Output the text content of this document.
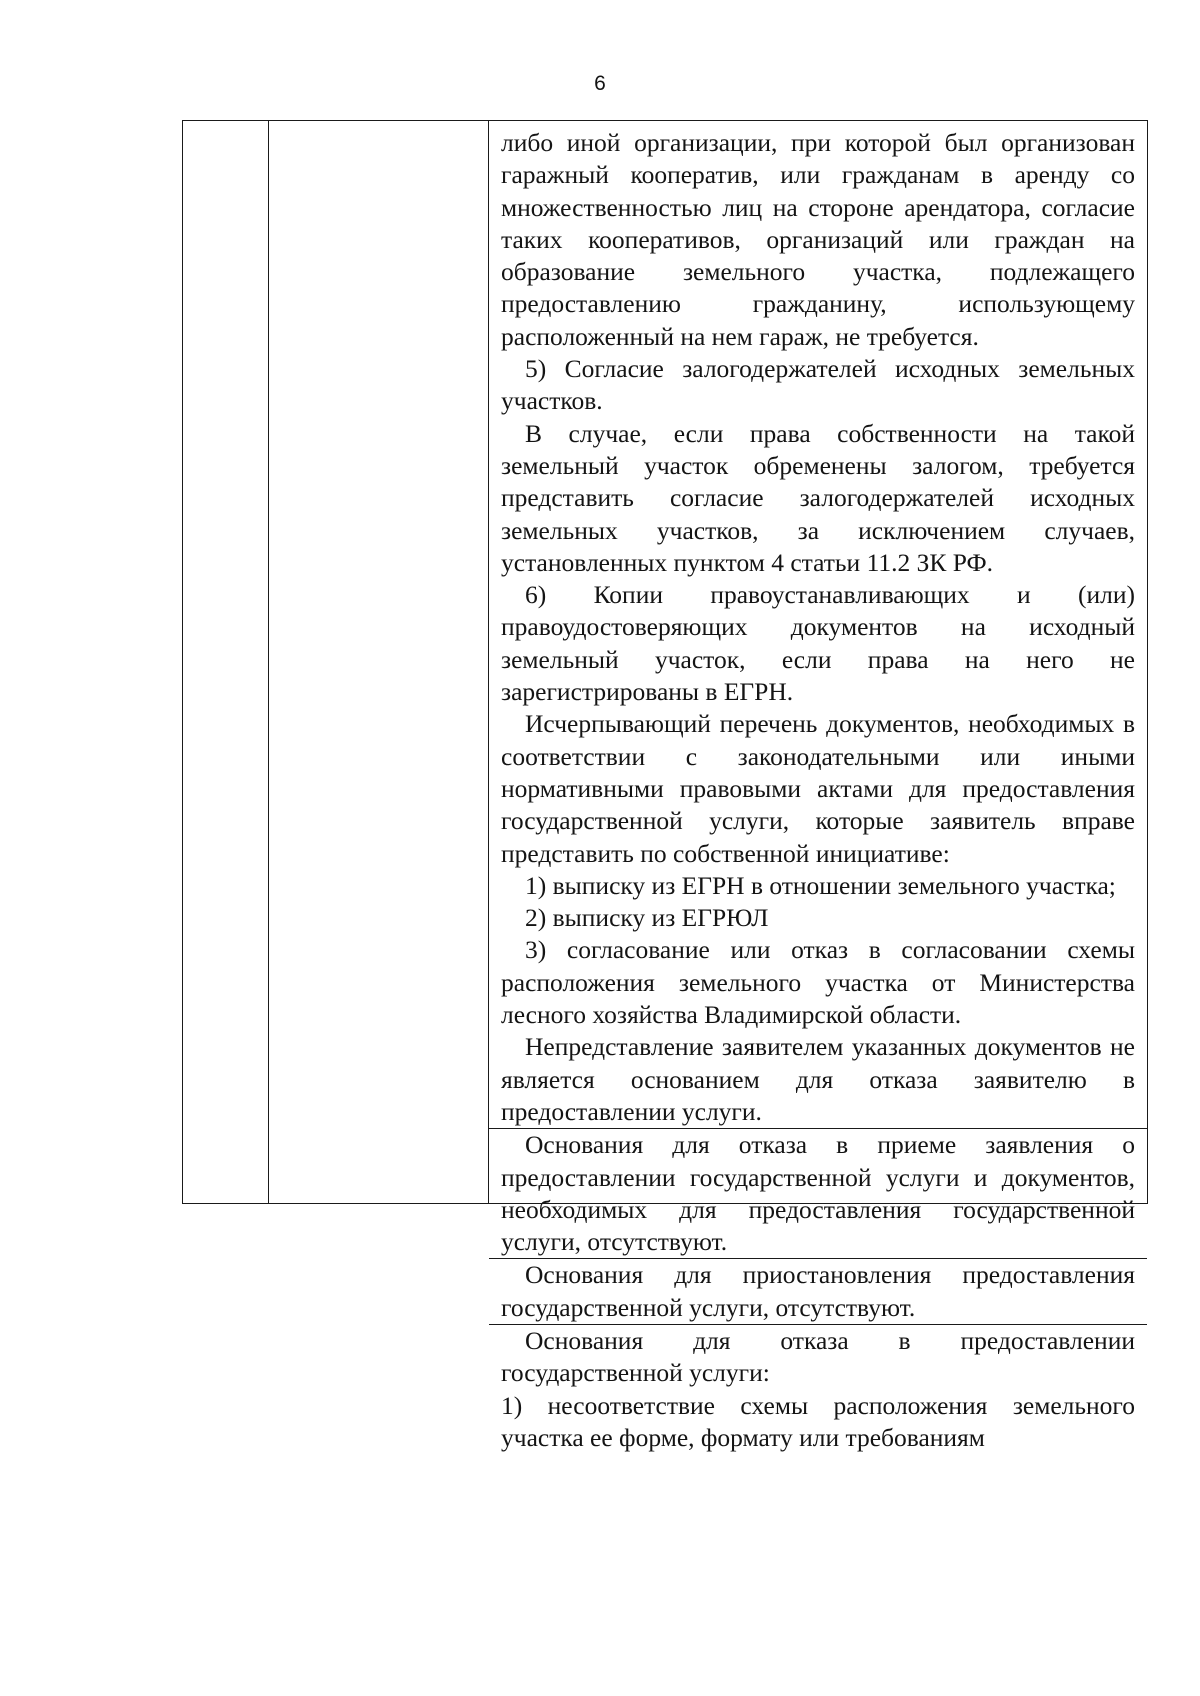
6

либо иной организации, при которой был организован гаражный кооператив, или гражданам в аренду со множественностью лиц на стороне арендатора, согласие таких кооперативов, организаций или граждан на образование земельного участка, подлежащего предоставлению гражданину, использующему расположенный на нем гараж, не требуется.

5) Согласие залогодержателей исходных земельных участков.

В случае, если права собственности на такой земельный участок обременены залогом, требуется представить согласие залогодержателей исходных земельных участков, за исключением случаев, установленных пунктом 4 статьи 11.2 ЗК РФ.

6) Копии правоустанавливающих и (или) правоудостоверяющих документов на исходный земельный участок, если права на него не зарегистрированы в ЕГРН.

Исчерпывающий перечень документов, необходимых в соответствии с законодательными или иными нормативными правовыми актами для предоставления государственной услуги, которые заявитель вправе представить по собственной инициативе:

1) выписку из ЕГРН в отношении земельного участка;

2) выписку из ЕГРЮЛ

3) согласование или отказ в согласовании схемы расположения земельного участка от Министерства лесного хозяйства Владимирской области.

Непредставление заявителем указанных документов не является основанием для отказа заявителю в предоставлении услуги.

Основания для отказа в приеме заявления о предоставлении государственной услуги и документов, необходимых для предоставления государственной услуги, отсутствуют.

Основания для приостановления предоставления государственной услуги, отсутствуют.

Основания для отказа в предоставлении государственной услуги:

1) несоответствие схемы расположения земельного участка ее форме, формату или требованиям
